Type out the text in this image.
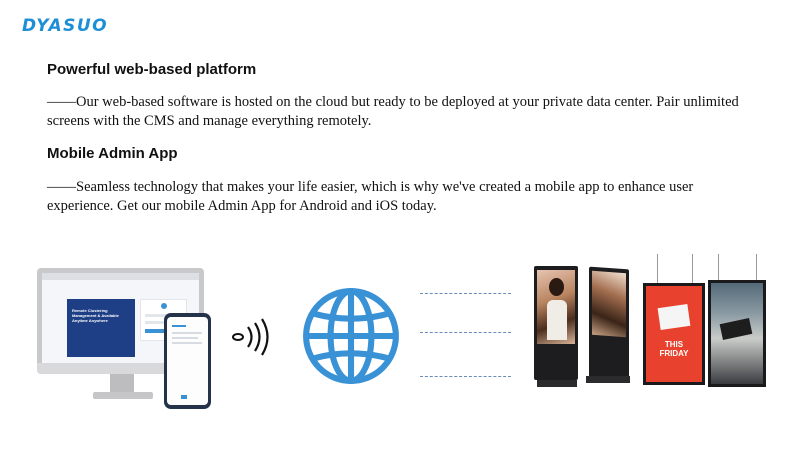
DYASUO
Powerful web-based platform
——Our web-based software is hosted on the cloud but ready to be deployed at your private data center. Pair unlimited screens with the CMS and manage everything remotely.
Mobile Admin App
——Seamless technology that makes your life easier, which is why we've created a mobile app to enhance user experience. Get our mobile Admin App for Android and iOS today.
Remote Clustering Management & Available Anytime Anywhere
THIS FRIDAY
